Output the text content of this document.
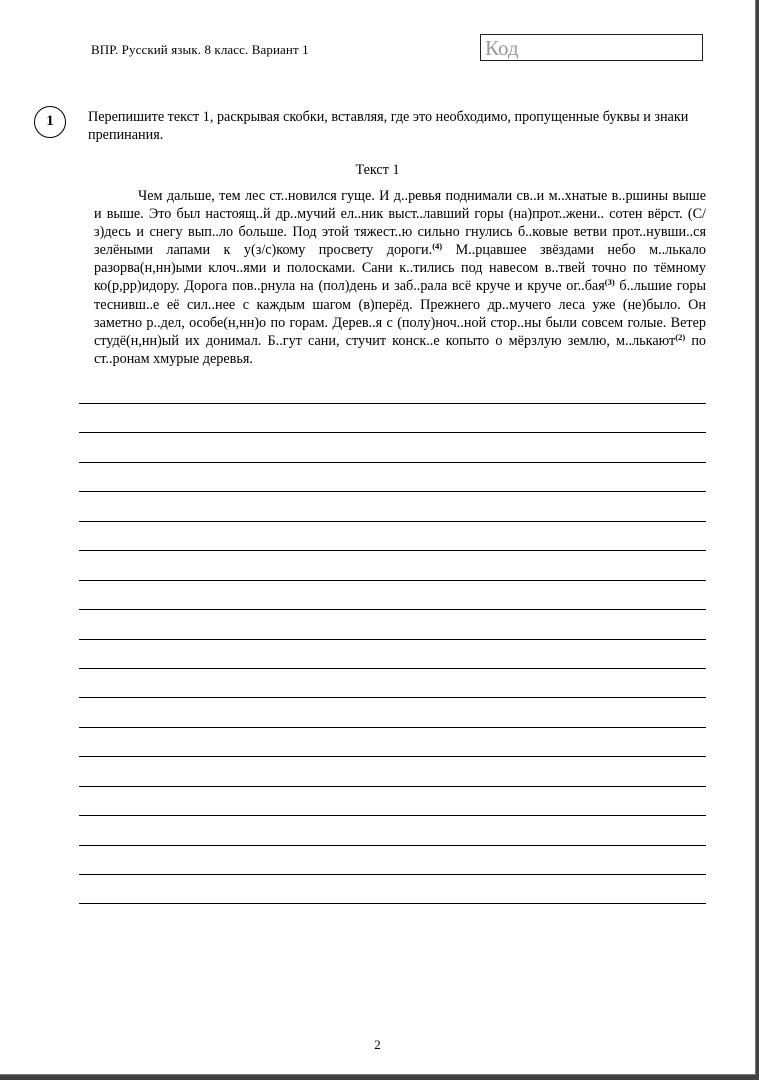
ВПР. Русский язык. 8 класс. Вариант 1	Код
1	Перепишите текст 1, раскрывая скобки, вставляя, где это необходимо, пропущенные буквы и знаки препинания.
Текст 1
Чем дальше, тем лес ст..новился гуще. И д..ревья поднимали св..и м..хнатые в..ршины выше и выше. Это был настоящ..й др..мучий ел..ник выст..лавший горы (на)прот..жени.. сотен вёрст. (С/з)десь и снегу вып..ло больше. Под этой тяжест..ю сильно гнулись б..ковые ветви прот..нувши..ся зелёными лапами к у(з/с)кому просвету дороги.$^{(4)}$ М..рцавшее звёздами небо м..лькало разорва(н,нн)ыми клоч..ями и полосками. Сани к..тились под навесом в..твей точно по тёмному ко(р,рр)идору. Дорога пов..рнула на (пол)день и заб..рала всё круче и круче ог..бая$^{(3)}$ б..льшие горы теснивш..е её сил..нее с каждым шагом (в)перёд. Прежнего др..мучего леса уже (не)было. Он заметно р..дел, особе(н,нн)о по горам. Дерев..я с (полу)ноч..ной стор..ны были совсем голые. Ветер студё(н,нн)ый их донимал. Б..гут сани, стучит конск..е копыто о мёрзлую землю, м..лькают$^{(2)}$ по ст..ронам хмурые деревья.
2
